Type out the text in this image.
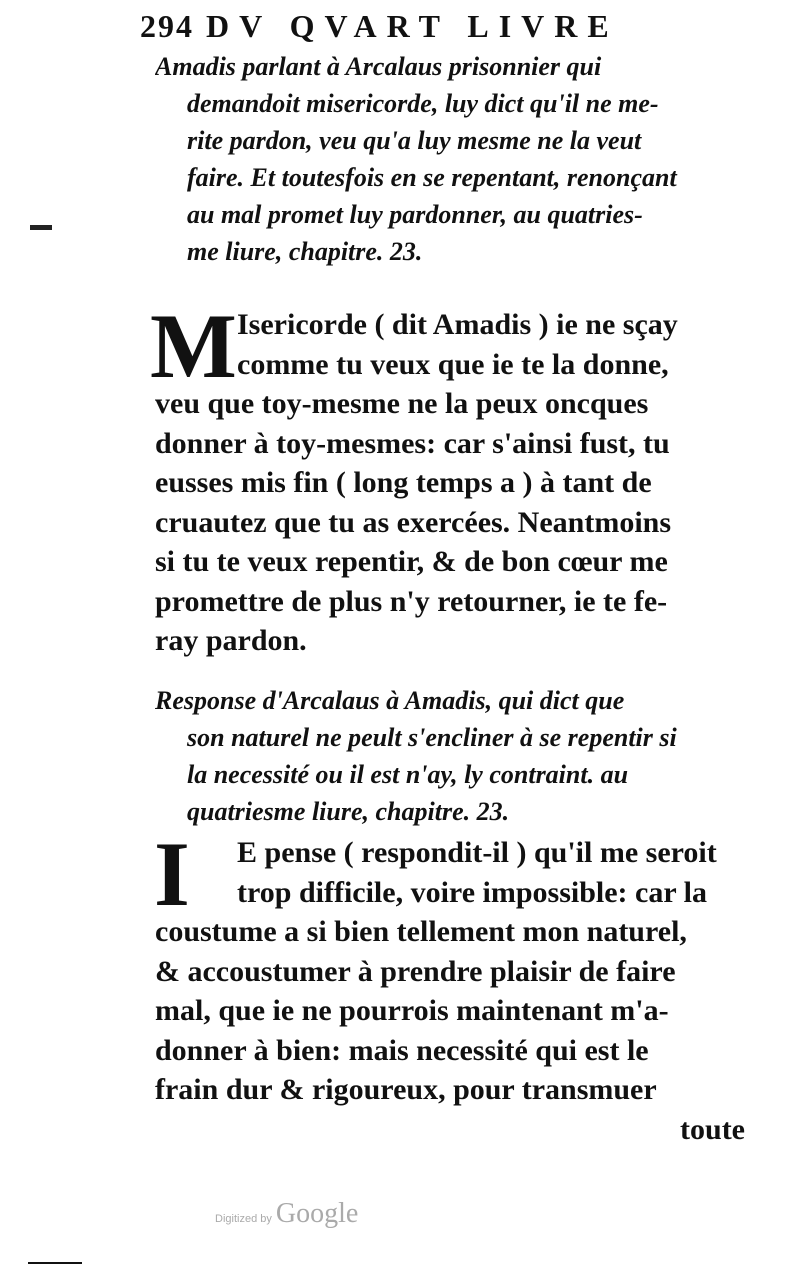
294 DV QVART LIVRE
Amadis parlant à Arcalaus prisonnier qui
demandoit misericorde, luy dict qu'il ne me-
rite pardon, veu qu'a luy mesme ne la veut
faire. Et toutesfois en se repentant, renonçant
au mal promet luy pardonner, au quatries-
me liure, chapitre. 23.
M Isericorde ( dit Amadis ) ie ne sçay
comme tu veux que ie te la donne,
veu que toy-mesme ne la peux oncques
donner à toy-mesmes: car s'ainsi fust, tu
eusses mis fin ( long temps a ) à tant de
cruautez que tu as exercées. Neantmoins
si tu te veux repentir, & de bon cœur me
promettre de plus n'y retourner, ie te fe-
ray pardon.
Response d'Arcalaus à Amadis, qui dict que
son naturel ne peult s'encliner à se repentir si
la necessité ou il est n'ay, ly contraint. au
quatriesme liure, chapitre. 23.
I	E pense ( respondit-il ) qu'il me seroit
trop difficile, voire impossible: car la
coustume a si bien tellement mon naturel,
& accoustumer à prendre plaisir de faire
mal, que ie ne pourrois maintenant m'a-
donner à bien: mais necessité qui est le
frain dur & rigoureux, pour transmuer
toute
Digitized by Google
